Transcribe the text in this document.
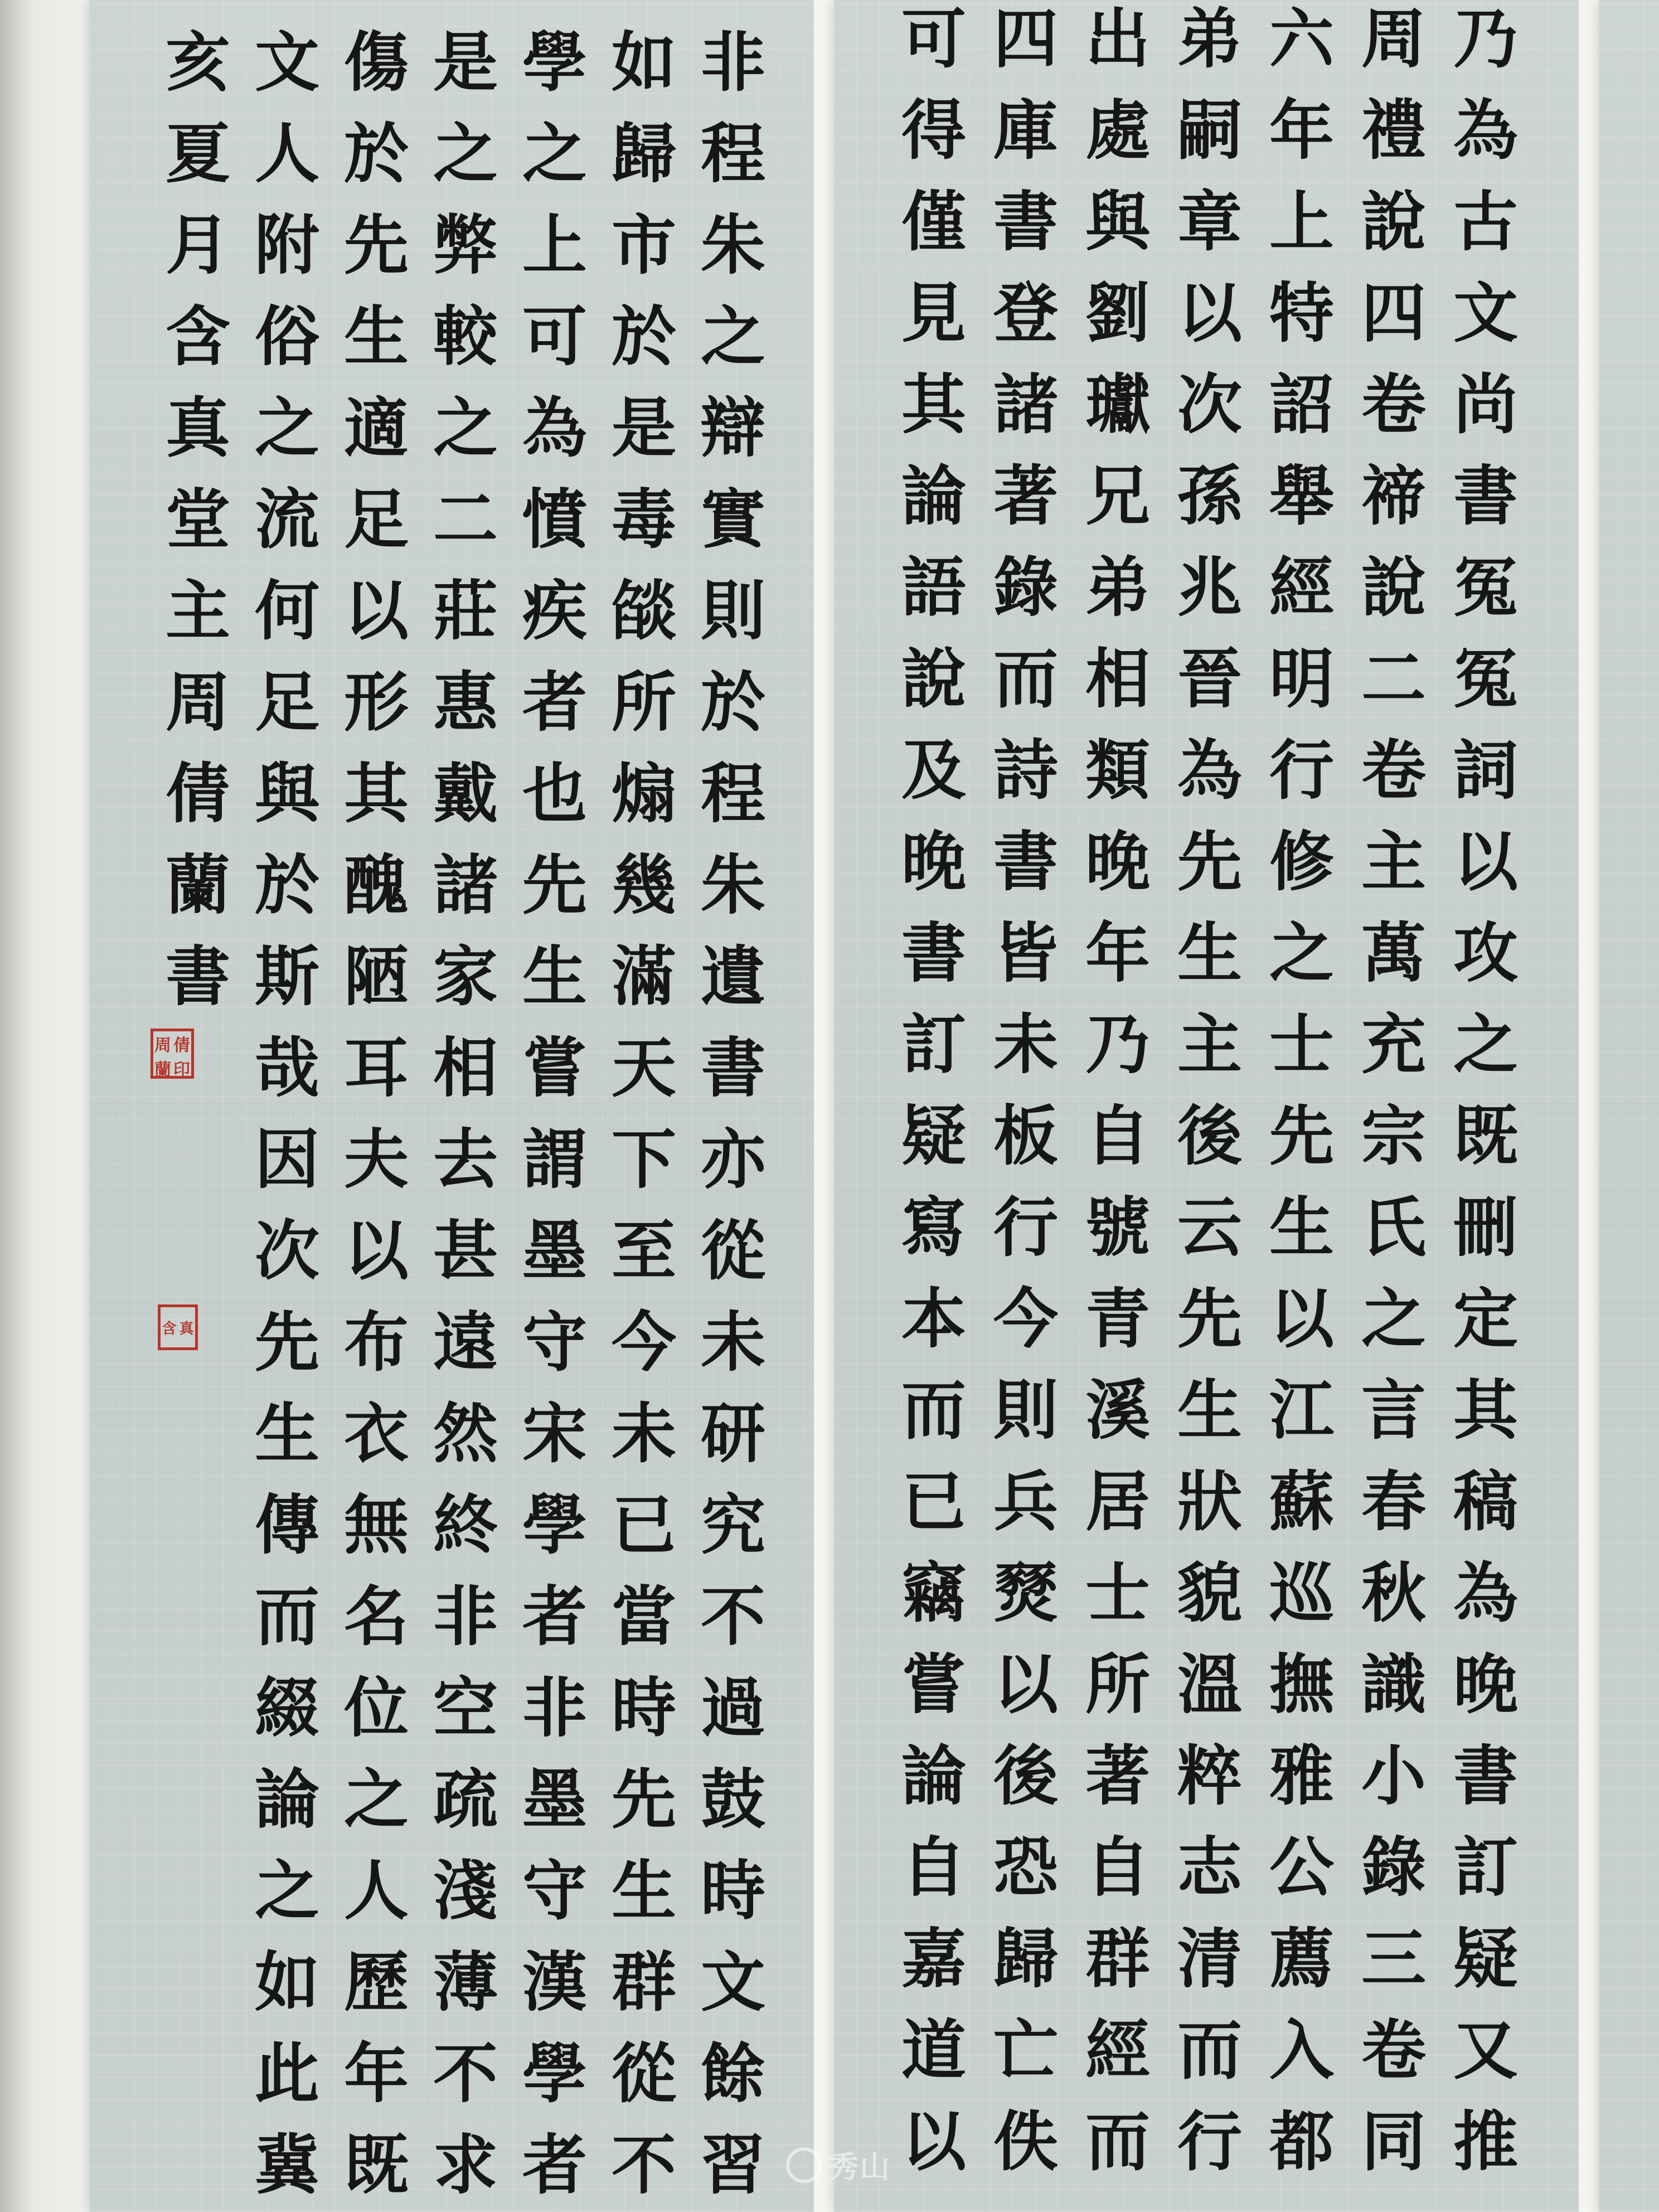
乃
為
古
文
尚
書
冤
冤
詞
以
攻
之
既
刪
定
其
稿
為
晚
書
訂
疑
又
推
周
禮
說
四
卷
禘
說
二
卷
主
萬
充
宗
氏
之
言
春
秋
識
小
錄
三
卷
同
六
年
上
特
詔
舉
經
明
行
修
之
士
先
生
以
江
蘇
巡
撫
雅
公
薦
入
都
弟
嗣
章
以
次
孫
兆
晉
為
先
生
主
後
云
先
生
狀
貌
溫
粹
志
清
而
行
出
處
與
劉
瓛
兄
弟
相
類
晚
年
乃
自
號
青
溪
居
士
所
著
自
群
經
而
四
庫
書
登
諸
著
錄
而
詩
書
皆
未
板
行
今
則
兵
燹
以
後
恐
歸
亡
佚
可
得
僅
見
其
論
語
說
及
晚
書
訂
疑
寫
本
而
已
竊
嘗
論
自
嘉
道
以
非
程
朱
之
辯
實
則
於
程
朱
遺
書
亦
從
未
研
究
不
過
鼓
時
文
餘
習
如
歸
市
於
是
毒
燄
所
煽
幾
滿
天
下
至
今
未
已
當
時
先
生
群
從
不
學
之
上
可
為
憤
疾
者
也
先
生
嘗
謂
墨
守
宋
學
者
非
墨
守
漢
學
者
是
之
弊
較
之
二
莊
惠
戴
諸
家
相
去
甚
遠
然
終
非
空
疏
淺
薄
不
求
傷
於
先
生
適
足
以
形
其
醜
陋
耳
夫
以
布
衣
無
名
位
之
人
歷
年
既
文
人
附
俗
之
流
何
足
與
於
斯
哉
因
次
先
生
傳
而
綴
論
之
如
此
冀
亥
夏
月
含
真
堂
主
周
倩
蘭
書
周 倩
蘭 印
含 真
秀山
